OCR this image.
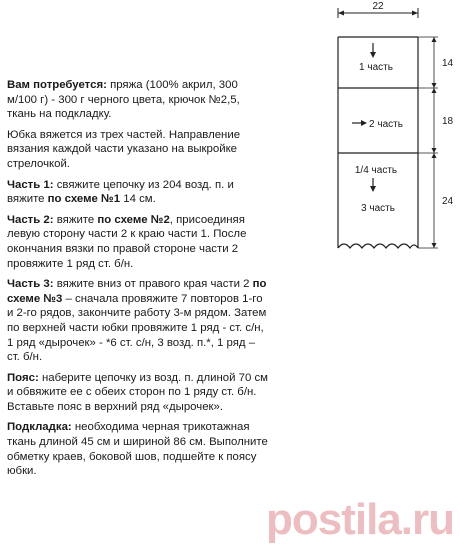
22
1 часть
2 часть
1/4 часть
3 часть
14
18
24

Вам потребуется: пряжа (100% акрил, 300 м/100 г) - 300 г черного цвета, крючок №2,5, ткань на подкладку.

Юбка вяжется из трех частей. Направление вязания каждой части указано на выкройке стрелочкой.

Часть 1: свяжите цепочку из 204 возд. п. и вяжите по схеме №1 14 см.

Часть 2: вяжите по схеме №2, присоединяя левую сторону части 2 к краю части 1. После окончания вязки по правой стороне части 2 провяжите 1 ряд ст. б/н.

Часть 3: вяжите вниз от правого края части 2 по схеме №3 – сначала провяжите 7 повторов 1-го и 2-го рядов, закончите работу 3-м рядом. Затем по верхней части юбки провяжите 1 ряд - ст. с/н, 1 ряд «дырочек» - *6 ст. с/н, 3 возд. п.*, 1 ряд – ст. б/н.

Пояс: наберите цепочку из возд. п. длиной 70 см и обвяжите ее с обеих сторон по 1 ряду ст. б/н. Вставьте пояс в верхний ряд «дырочек».

Подкладка: необходима черная трикотажная ткань длиной 45 см и шириной 86 см. Выполните обметку краев, боковой шов, подшейте к поясу юбки.

postila.ru
